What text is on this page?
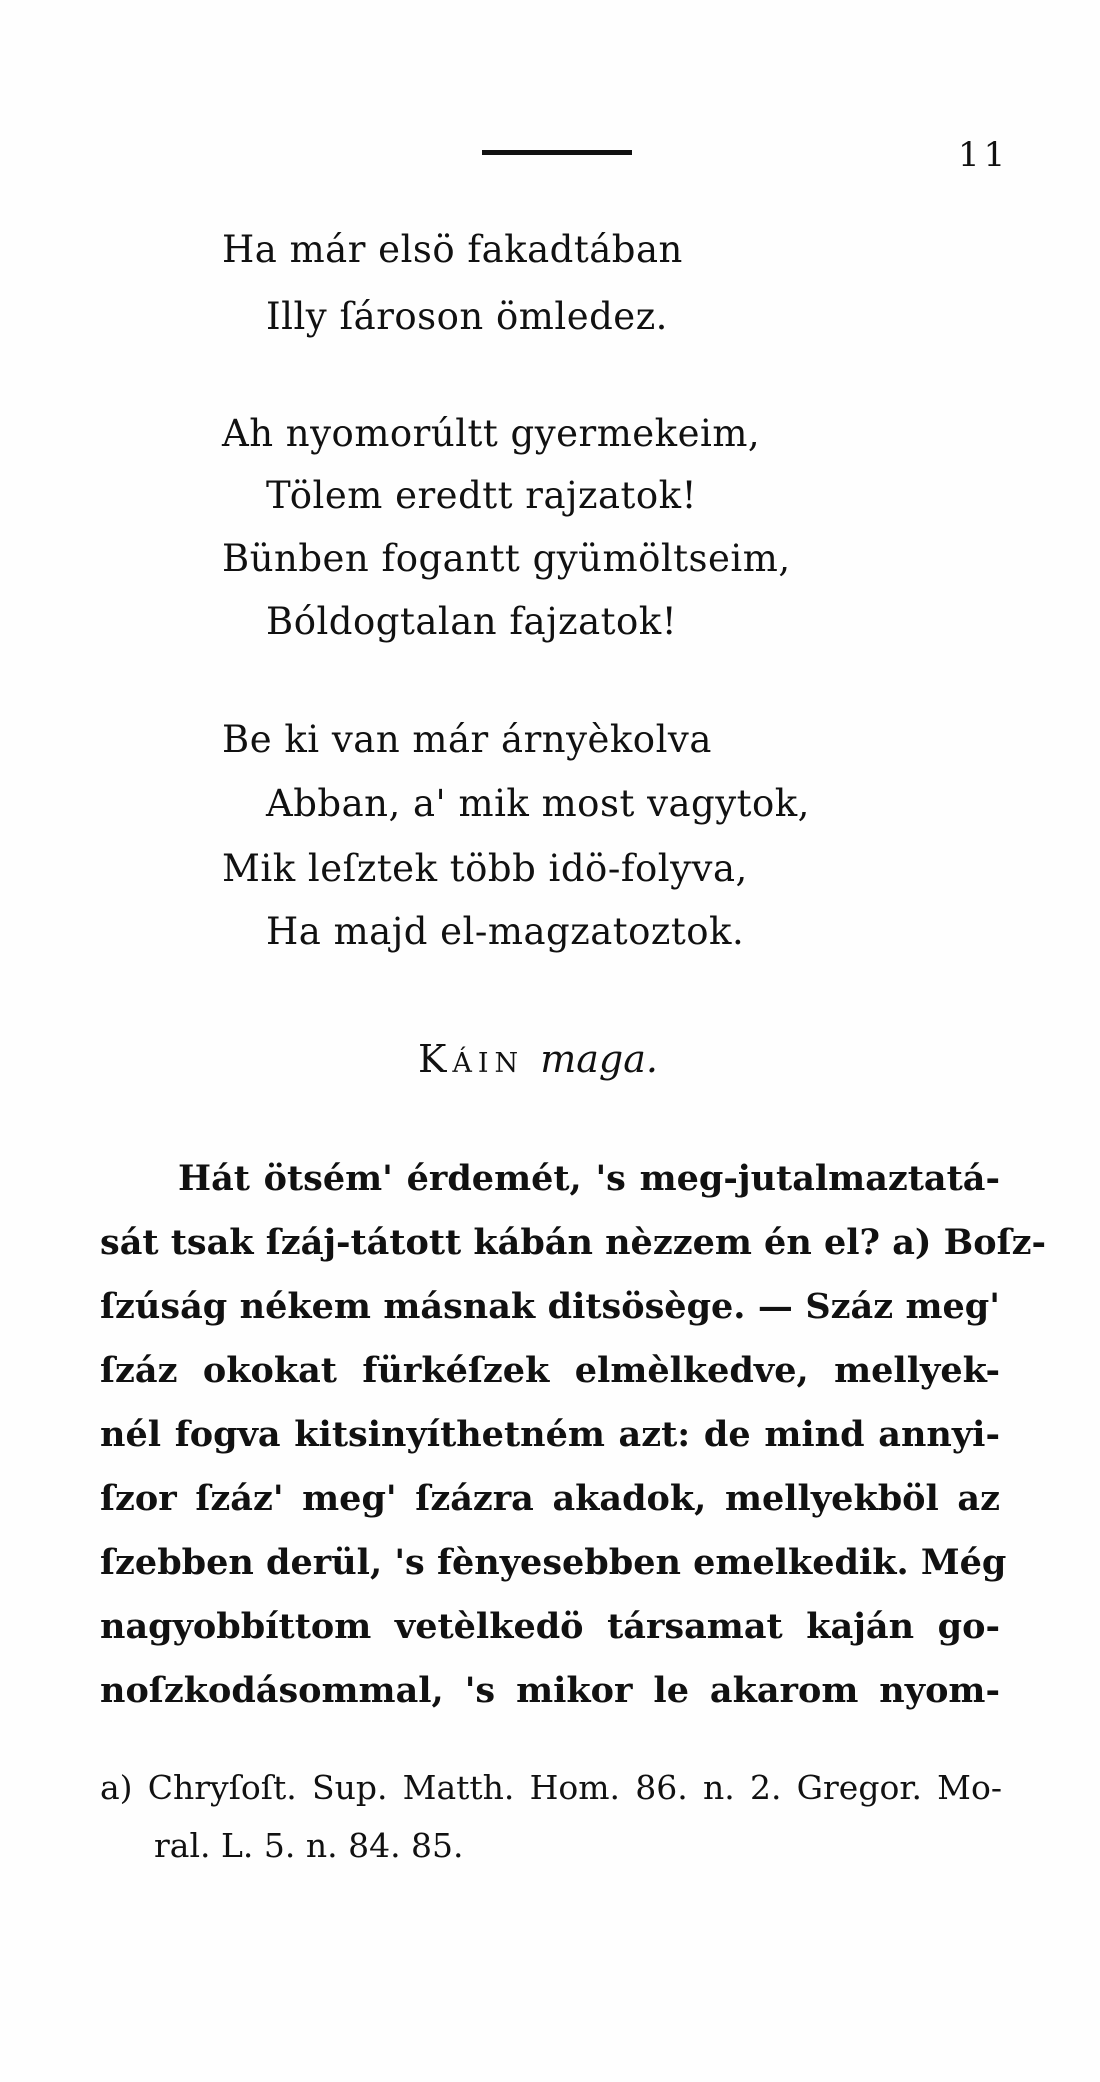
11
Ha már elsö fakadtában
Illy ſároson ömledez.
Ah nyomorúltt gyermekeim,
Tölem eredtt rajzatok!
Bünben fogantt gyümöltseim,
Bóldogtalan fajzatok!
Be ki van már árnyèkolva
Abban, a' mik most vagytok,
Mik leſztek több idö-folyva,
Ha majd el-magzatoztok.
Káin maga.
Hát ötsém' érdemét, 's meg-jutalmaztatá-
sát tsak ſzáj-tátott kábán nèzzem én el? a) Boſz-
ſzúság nékem másnak ditsösège. — Száz meg'
ſzáz okokat fürkéſzek elmèlkedve, mellyek-
nél fogva kitsinyíthetném azt: de mind annyi-
ſzor ſzáz' meg' ſzázra akadok, mellyekböl az
ſzebben derül, 's fènyesebben emelkedik. Még
nagyobbíttom vetèlkedö társamat kaján go-
noſzkodásommal, 's mikor le akarom nyom-
a) Chryſoſt. Sup. Matth. Hom. 86. n. 2. Gregor. Mo-
ral. L. 5. n. 84. 85.
